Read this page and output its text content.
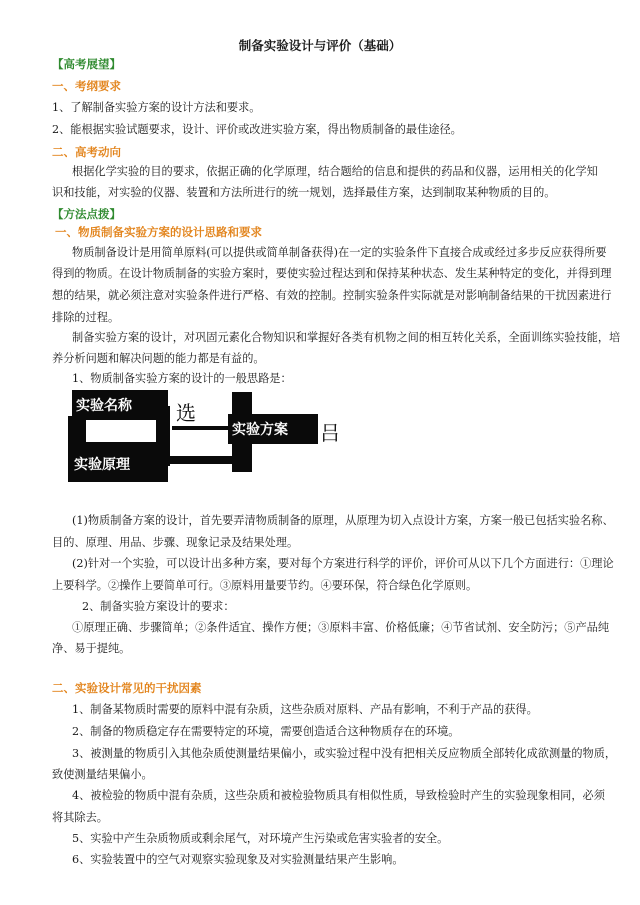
制备实验设计与评价（基础）
【高考展望】
一、考纲要求
1、了解制备实验方案的设计方法和要求。
2、能根据实验试题要求，设计、评价或改进实验方案，得出物质制备的最佳途径。
二、高考动向
根据化学实验的目的要求，依据正确的化学原理，结合题给的信息和提供的药品和仪器，运用相关的化学知
识和技能，对实验的仪器、装置和方法所进行的统一规划，选择最佳方案，达到制取某种物质的目的。
【方法点拨】
一、物质制备实验方案的设计思路和要求
物质制备设计是用简单原料(可以提供或简单制备获得)在一定的实验条件下直接合成或经过多步反应获得所要
得到的物质。在设计物质制备的实验方案时，要使实验过程达到和保持某种状态、发生某种特定的变化，并得到理
想的结果，就必须注意对实验条件进行严格、有效的控制。控制实验条件实际就是对影响制备结果的干扰因素进行
排除的过程。
制备实验方案的设计，对巩固元素化合物知识和掌握好各类有机物之间的相互转化关系，全面训练实验技能，培
养分析问题和解决问题的能力都是有益的。
1、物质制备实验方案的设计的一般思路是：
实验名称
实验原理
实验方案
选
吕
(1)物质制备方案的设计，首先要弄清物质制备的原理，从原理为切入点设计方案，方案一般已包括实验名称、
目的、原理、用品、步骤、现象记录及结果处理。
(2)针对一个实验，可以设计出多种方案，要对每个方案进行科学的评价，评价可从以下几个方面进行：①理论
上要科学。②操作上要简单可行。③原料用量要节约。④要环保，符合绿色化学原则。
2、制备实验方案设计的要求：
①原理正确、步骤简单；②条件适宜、操作方便；③原料丰富、价格低廉；④节省试剂、安全防污；⑤产品纯
净、易于提纯。
二、实验设计常见的干扰因素
1、制备某物质时需要的原料中混有杂质，这些杂质对原料、产品有影响，不利于产品的获得。
2、制备的物质稳定存在需要特定的环境，需要创造适合这种物质存在的环境。
3、被测量的物质引入其他杂质使测量结果偏小，或实验过程中没有把相关反应物质全部转化成欲测量的物质，
致使测量结果偏小。
4、被检验的物质中混有杂质，这些杂质和被检验物质具有相似性质，导致检验时产生的实验现象相同，必须
将其除去。
5、实验中产生杂质物质或剩余尾气，对环境产生污染或危害实验者的安全。
6、实验装置中的空气对观察实验现象及对实验测量结果产生影响。
